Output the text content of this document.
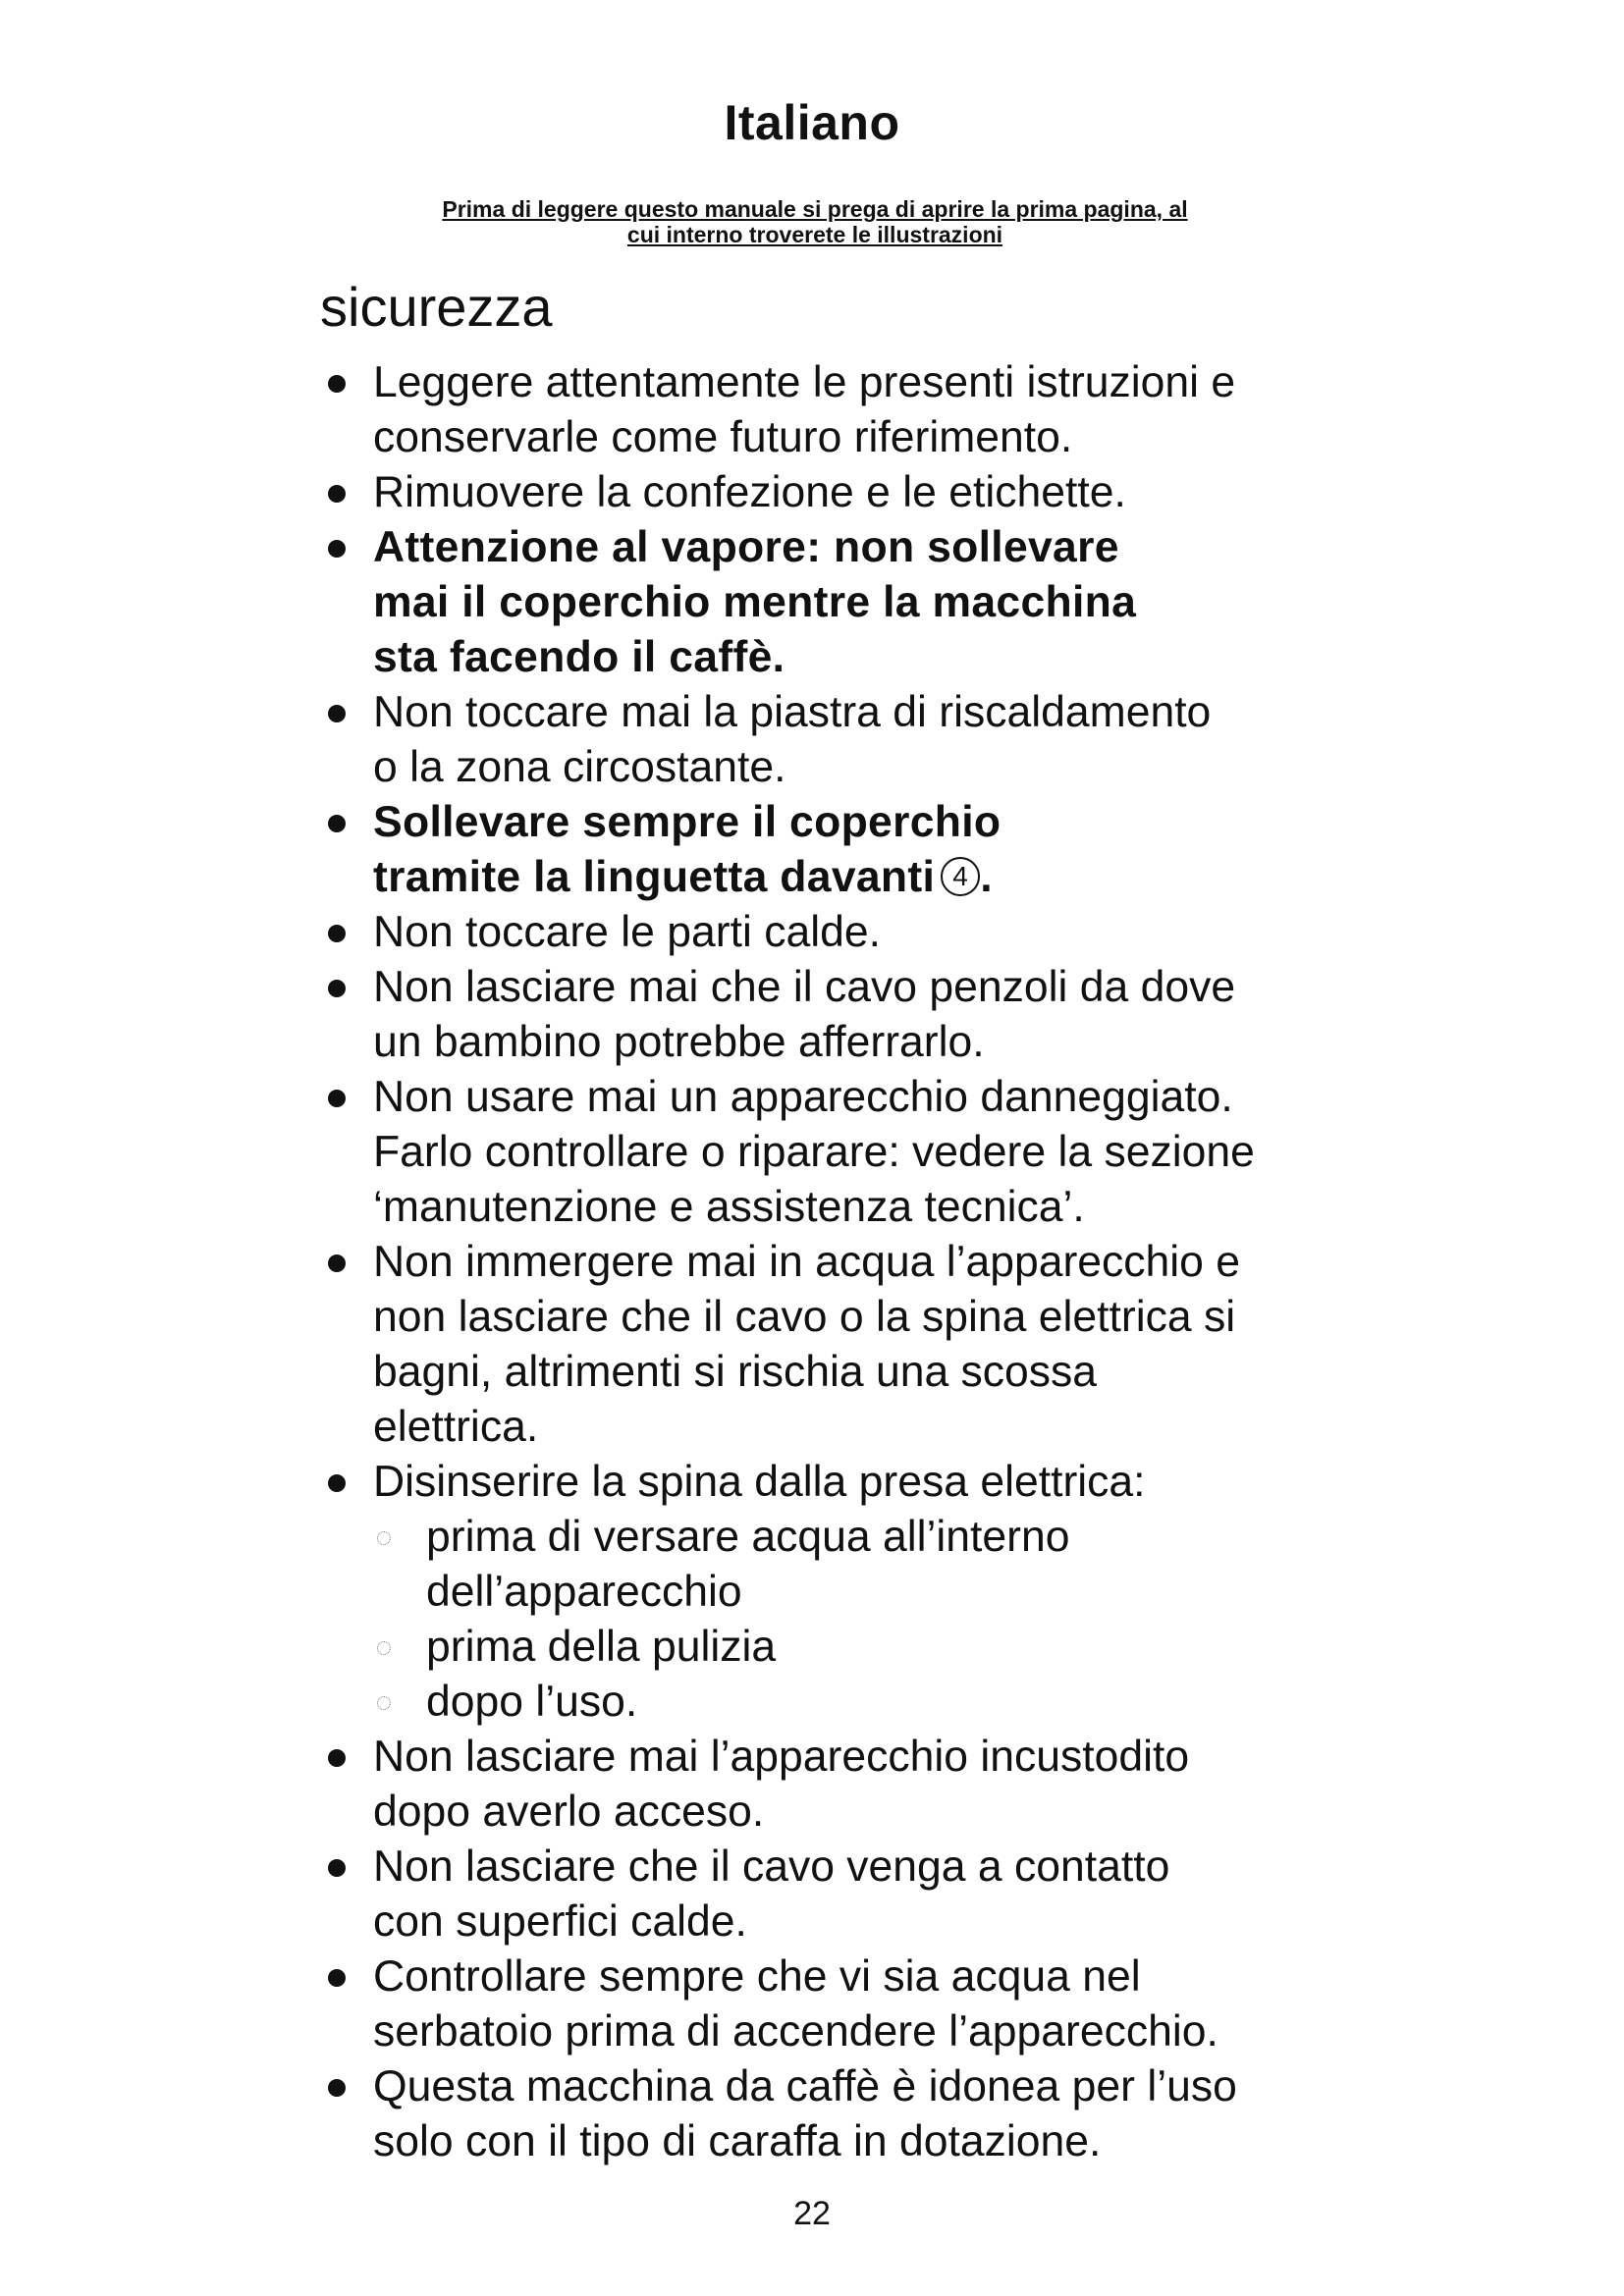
Italiano

Prima di leggere questo manuale si prega di aprire la prima pagina, al
cui interno troverete le illustrazioni

sicurezza
Leggere attentamente le presenti istruzioni e
conservarle come futuro riferimento.
Rimuovere la confezione e le etichette.
Attenzione al vapore: non sollevare
mai il coperchio mentre la macchina
sta facendo il caffè.
Non toccare mai la piastra di riscaldamento
o la zona circostante.
Sollevare sempre il coperchio
tramite la linguetta davanti 4 .
Non toccare le parti calde.
Non lasciare mai che il cavo penzoli da dove
un bambino potrebbe afferrarlo.
Non usare mai un apparecchio danneggiato.
Farlo controllare o riparare: vedere la sezione
‘manutenzione e assistenza tecnica’.
Non immergere mai in acqua l’apparecchio e
non lasciare che il cavo o la spina elettrica si
bagni, altrimenti si rischia una scossa
elettrica.
Disinserire la spina dalla presa elettrica:
prima di versare acqua all’interno
dell’apparecchio
prima della pulizia
dopo l’uso.
Non lasciare mai l’apparecchio incustodito
dopo averlo acceso.
Non lasciare che il cavo venga a contatto
con superfici calde.
Controllare sempre che vi sia acqua nel
serbatoio prima di accendere l’apparecchio.
Questa macchina da caffè è idonea per l’uso
solo con il tipo di caraffa in dotazione.

22
